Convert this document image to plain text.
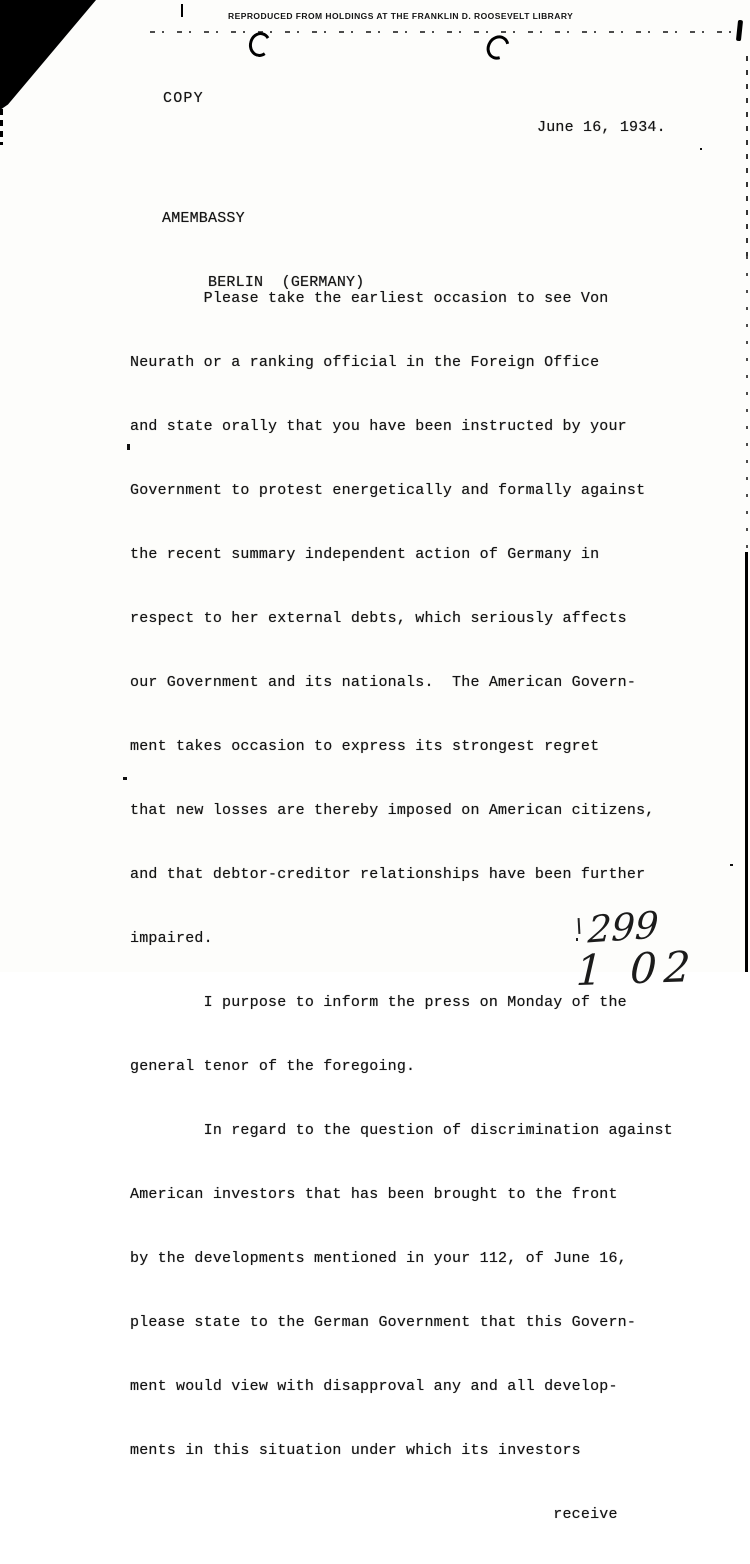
REPRODUCED FROM HOLDINGS AT THE FRANKLIN D. ROOSEVELT LIBRARY
COPY
June 16, 1934.

AMEMBASSY

BERLIN  (GERMANY)

Please take the earliest occasion to see Von

Neurath or a ranking official in the Foreign Office

and state orally that you have been instructed by your

Government to protest energetically and formally against

the recent summary independent action of Germany in

respect to her external debts, which seriously affects

our Government and its nationals.  The American Govern-

ment takes occasion to express its strongest regret

that new losses are thereby imposed on American citizens,

and that debtor-creditor relationships have been further

impaired.

I purpose to inform the press on Monday of the

general tenor of the foregoing.

In regard to the question of discrimination against

American investors that has been brought to the front

by the developments mentioned in your 112, of June 16,

please state to the German Government that this Govern-

ment would view with disapproval any and all develop-

ments in this situation under which its investors

receive

299
1 02
